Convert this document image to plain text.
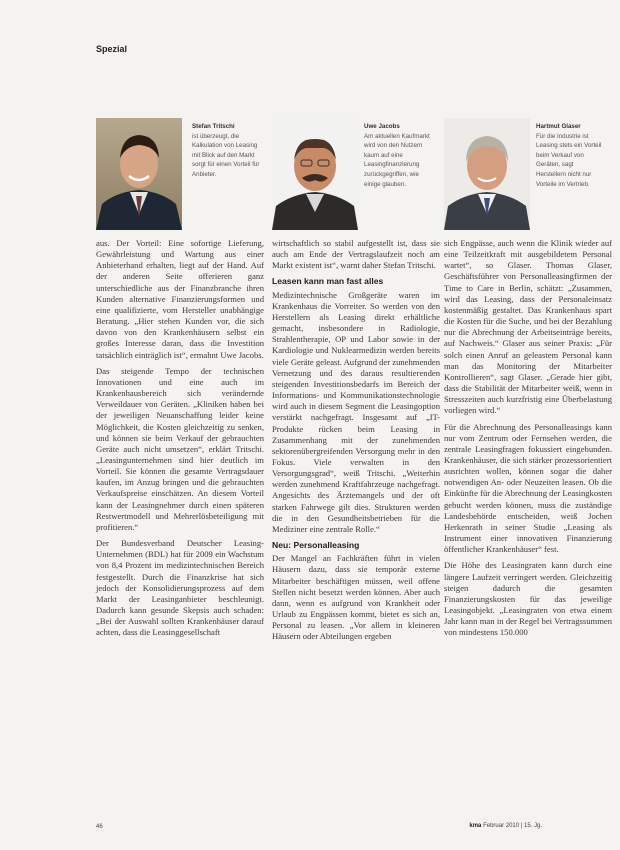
Spezial
Stefan Tritschi
ist überzeugt, die Kalkulation von Leasing mit Blick auf den Markt sorgt für einen Vorteil für Anbieter.
Uwe Jacobs
Am aktuellen Kaufmarkt wird von den Nutzern kaum auf eine Leasingfinanzierung zurückgegriffen, wie einige glauben.
Hartmut Glaser
Für die Industrie ist Leasing stets ein Vorteil beim Verkauf von Geräten, sagt Herstellern nicht nur Vorteile im Vertrieb.

aus. Der Vorteil: Eine sofortige Lieferung, Gewährleistung und Wartung aus einer Anbieterhand erhalten, liegt auf der Hand. Auf der anderen Seite offerieren ganz unterschiedliche aus der Finanzbranche ihren Kunden alternative Finanzierungsformen und eine qualifizierte, vom Hersteller unabhängige Beratung. „Hier stehen Kunden vor, die sich davon von den Krankenhäusern selbst ein großes Interesse daran, dass die Investition tatsächlich einträglich ist“, ermahnt Uwe Jacobs.

Das steigende Tempo der technischen Innovationen und eine auch im Krankenhausbereich sich verändernde Verweildauer von Geräten. „Kliniken haben bei der jeweiligen Neuanschaffung leider keine Möglichkeit, die Kosten gleichzeitig zu senken, und können sie beim Verkauf der gebrauchten Geräte auch nicht umsetzen“, erklärt Tritschi. „Leasingunternehmen sind hier deutlich im Vorteil. Sie können die gesamte Vertragsdauer kaufen, im Anzug bringen und die gebrauchten Verkaufspreise einschätzen. An diesem Vorteil kann der Leasingnehmer durch einen späteren Restwertmodell und Mehrerlösbeteiligung mit profitieren.“

Der Bundesverband Deutscher Leasing-Unternehmen (BDL) hat für 2009 ein Wachstum von 8,4 Prozent im medizintechnischen Bereich festgestellt. Durch die Finanzkrise hat sich jedoch der Konsolidierungsprozess auf dem Markt der Leasinganbieter beschleunigt. Dadurch kann gesunde Skepsis auch schaden: „Bei der Auswahl sollten Krankenhäuser darauf achten, dass die Leasinggesellschaft

wirtschaftlich so stabil aufgestellt ist, dass sie auch am Ende der Vertragslaufzeit noch am Markt existent ist“, warnt daher Stefan Tritschi.

Leasen kann man fast alles

Medizintechnische Großgeräte waren im Krankenhaus die Vorreiter. So werden von den Herstellern als Leasing direkt erhältliche gemacht, insbesondere in Radiologie, Strahlentherapie, OP und Labor sowie in der Kardiologie und Nuklearmedizin werden bereits viele Geräte geleast. Aufgrund der zunehmenden Vernetzung und des daraus resultierenden steigenden Investitionsbedarfs im Bereich der Informations- und Kommunikationstechnologie wird auch in diesem Segment die Leasingoption verstärkt nachgefragt. Insgesamt auf „IT-Produkte rücken beim Leasing in Zusammenhang mit der zunehmenden sektorenübergreifenden Versorgung mehr in den Fokus. Viele verwalten in den Versorgungsgrad“, weiß Tritschi. „Weiterhin werden zunehmend Kraftfahrzeuge nachgefragt. Angesichts des Ärztemangels und der oft starken Fahrwege gilt dies. Strukturen werden die in den Gesundheitsbetrieben für die Mediziner eine zentrale Rolle.“

Neu: Personalleasing

Der Mangel an Fachkräften führt in vielen Häusern dazu, dass sie temporär externe Mitarbeiter beschäftigen müssen, weil offene Stellen nicht besetzt werden können. Aber auch dann, wenn es aufgrund von Krankheit oder Urlaub zu Engpässen kommt, bietet es sich an, Personal zu leasen. „Vor allem in kleineren Häusern oder Abteilungen ergeben

sich Engpässe, auch wenn die Klinik wieder auf eine Teilzeitkraft mit ausgebildetem Personal wartet“, so Glaser. Thomas Glaser, Geschäftsführer von Personalleasingfirmen der Time to Care in Berlin, schätzt: „Zusammen, wird das Leasing, dass der Personaleinsatz kostenmäßig gestaltet. Das Krankenhaus spart die Kosten für die Suche, und bei der Bezahlung nur die Abrechnung der Arbeitseinträge bereits, auf Nachweis.“ Glaser aus seiner Praxis: „Für solch einen Anruf an geleastem Personal kann man das Monitoring der Mitarbeiter Kontrollieren“, sagt Glaser. „Gerade hier gibt, dass die Stabilität der Mitarbeiter weiß, wenn in Stresszeiten auch kurzfristig eine Überbelastung vorliegen wird.“

Für die Abrechnung des Personalleasings kann nur vom Zentrum oder Fernsehen werden, die zentrale Leasingfragen fokussiert eingebunden. Krankenhäuser, die sich stärker prozessorientiert ausrichten wollen, können sogar die daher notwendigen An- oder Neuzeiten leasen. Ob die Einkünfte für die Abrechnung der Leasingkosten gebucht werden können, muss die zuständige Landesbehörde entscheiden, weiß Jochen Herkenrath in seiner Studie „Leasing als Instrument einer innovativen Finanzierung öffentlicher Krankenhäuser“ fest.

Die Höhe des Leasingraten kann durch eine längere Laufzeit verringert werden. Gleichzeitig steigen dadurch die gesamten Finanzierungskosten für das jeweilige Leasingobjekt. „Leasingraten von etwa einem Jahr kann man in der Regel bei Vertragssummen von mindestens 150.000

46	kma Februar 2010 | 15. Jg.
